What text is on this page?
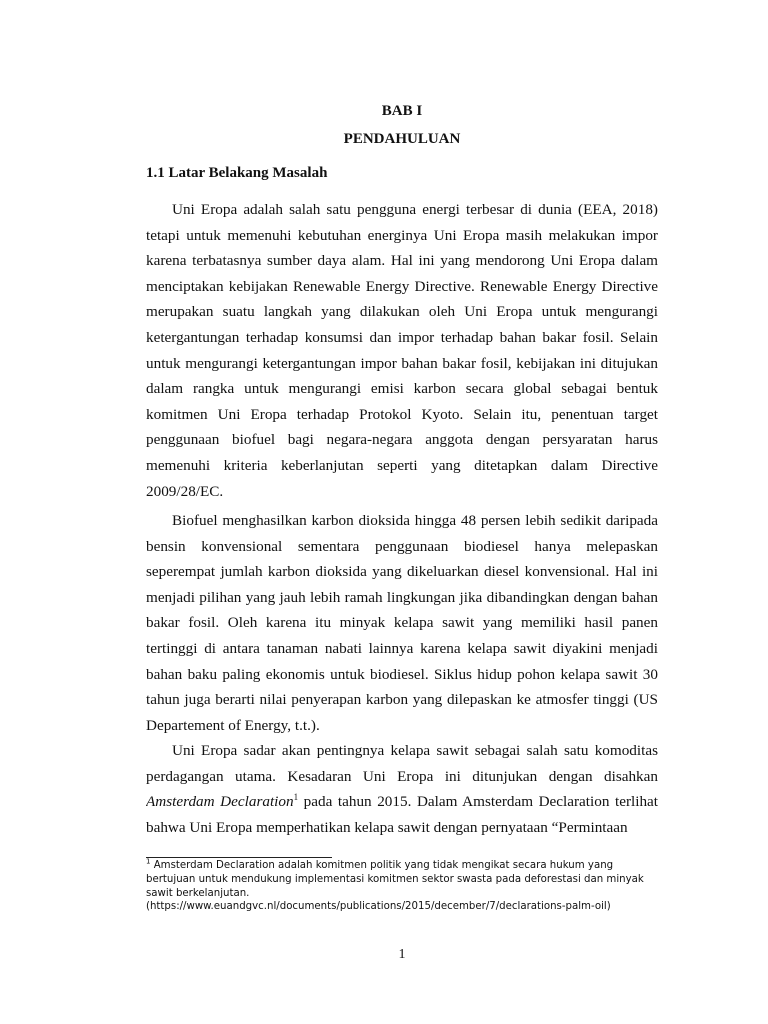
BAB I
PENDAHULUAN
1.1 Latar Belakang Masalah

Uni Eropa adalah salah satu pengguna energi terbesar di dunia (EEA, 2018) tetapi untuk memenuhi kebutuhan energinya Uni Eropa masih melakukan impor karena terbatasnya sumber daya alam. Hal ini yang mendorong Uni Eropa dalam menciptakan kebijakan Renewable Energy Directive. Renewable Energy Directive merupakan suatu langkah yang dilakukan oleh Uni Eropa untuk mengurangi ketergantungan terhadap konsumsi dan impor terhadap bahan bakar fosil. Selain untuk mengurangi ketergantungan impor bahan bakar fosil, kebijakan ini ditujukan dalam rangka untuk mengurangi emisi karbon secara global sebagai bentuk komitmen Uni Eropa terhadap Protokol Kyoto. Selain itu, penentuan target penggunaan biofuel bagi negara-negara anggota dengan persyaratan harus memenuhi kriteria keberlanjutan seperti yang ditetapkan dalam Directive 2009/28/EC.

Biofuel menghasilkan karbon dioksida hingga 48 persen lebih sedikit daripada bensin konvensional sementara penggunaan biodiesel hanya melepaskan seperempat jumlah karbon dioksida yang dikeluarkan diesel konvensional. Hal ini menjadi pilihan yang jauh lebih ramah lingkungan jika dibandingkan dengan bahan bakar fosil. Oleh karena itu minyak kelapa sawit yang memiliki hasil panen tertinggi di antara tanaman nabati lainnya karena kelapa sawit diyakini menjadi bahan baku paling ekonomis untuk biodiesel. Siklus hidup pohon kelapa sawit 30 tahun juga berarti nilai penyerapan karbon yang dilepaskan ke atmosfer tinggi (US Departement of Energy, t.t.).

Uni Eropa sadar akan pentingnya kelapa sawit sebagai salah satu komoditas perdagangan utama. Kesadaran Uni Eropa ini ditunjukan dengan disahkan Amsterdam Declaration$^1$ pada tahun 2015. Dalam Amsterdam Declaration terlihat bahwa Uni Eropa memperhatikan kelapa sawit dengan pernyataan “Permintaan

$^1$ Amsterdam Declaration adalah komitmen politik yang tidak mengikat secara hukum yang bertujuan untuk mendukung implementasi komitmen sektor swasta pada deforestasi dan minyak sawit berkelanjutan. (https://www.euandgvc.nl/documents/publications/2015/december/7/declarations-palm-oil)

1
